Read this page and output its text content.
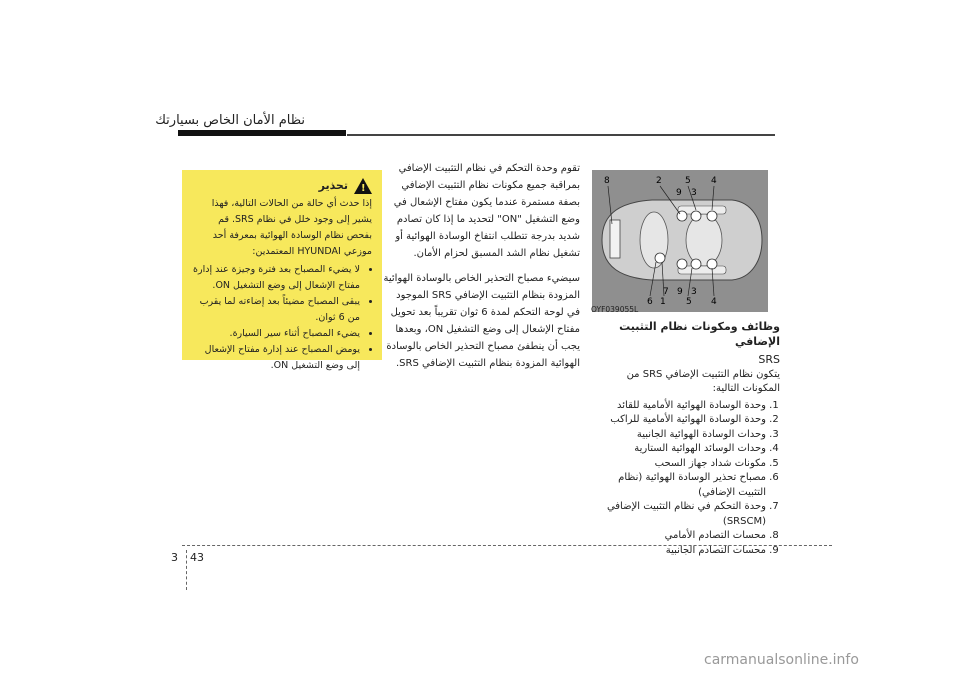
نظام الأمان الخاص بسيارتك
!
تحذير

إذا حدث أي حالة من الحالات التالية، فهذا يشير إلى وجود خلل في نظام SRS. قم بفحص نظام الوسادة الهوائية بمعرفة أحد موزعي HYUNDAI المعتمدين:

• لا يضيء المصباح بعد فترة وجيزة عند إدارة مفتاح الإشعال إلى وضع التشغيل ON.
• يبقى المصباح مضيئاً بعد إضاءته لما يقرب من 6 ثوان.
• يضيء المصباح أثناء سير السيارة.
• يومض المصباح عند إدارة مفتاح الإشعال إلى وضع التشغيل ON.

تقوم وحدة التحكم في نظام التثبيت الإضافي بمراقبة جميع مكونات نظام التثبيت الإضافي بصفة مستمرة عندما يكون مفتاح الإشعال في وضع التشغيل "ON" لتحديد ما إذا كان تصادم شديد بدرجة تتطلب انتفاخ الوسادة الهوائية أو تشغيل نظام الشد المسبق لحزام الأمان.

سيضيء مصباح التحذير الخاص بالوسادة الهوائية المزودة بنظام التثبيت الإضافي SRS الموجود في لوحة التحكم لمدة 6 ثوان تقريباً بعد تحويل مفتاح الإشعال إلى وضع التشغيل ON، وبعدها يجب أن ينطفئ مصباح التحذير الخاص بالوسادة الهوائية المزودة بنظام التثبيت الإضافي SRS.

8	2	5 4
9 3
7 9 3
6 1 5 4
OYF039055L

وظائف ومكونات نظام التثبيت الإضافي

SRS

يتكون نظام التثبيت الإضافي SRS من المكونات التالية:

1. وحدة الوسادة الهوائية الأمامية للقائد
2. وحدة الوسادة الهوائية الأمامية للراكب
3. وحدات الوسادة الهوائية الجانبية
4. وحدات الوسائد الهوائية الستارية
5. مكونات شداد جهاز السحب
6. مصباح تحذير الوسادة الهوائية (نظام التثبيت الإضافي)
7. وحدة التحكم في نظام التثبيت الإضافي (SRSCM)
8. محسات التصادم الأمامي
9. محسات التصادم الجانبية
3 43
carmanualsonline.info
